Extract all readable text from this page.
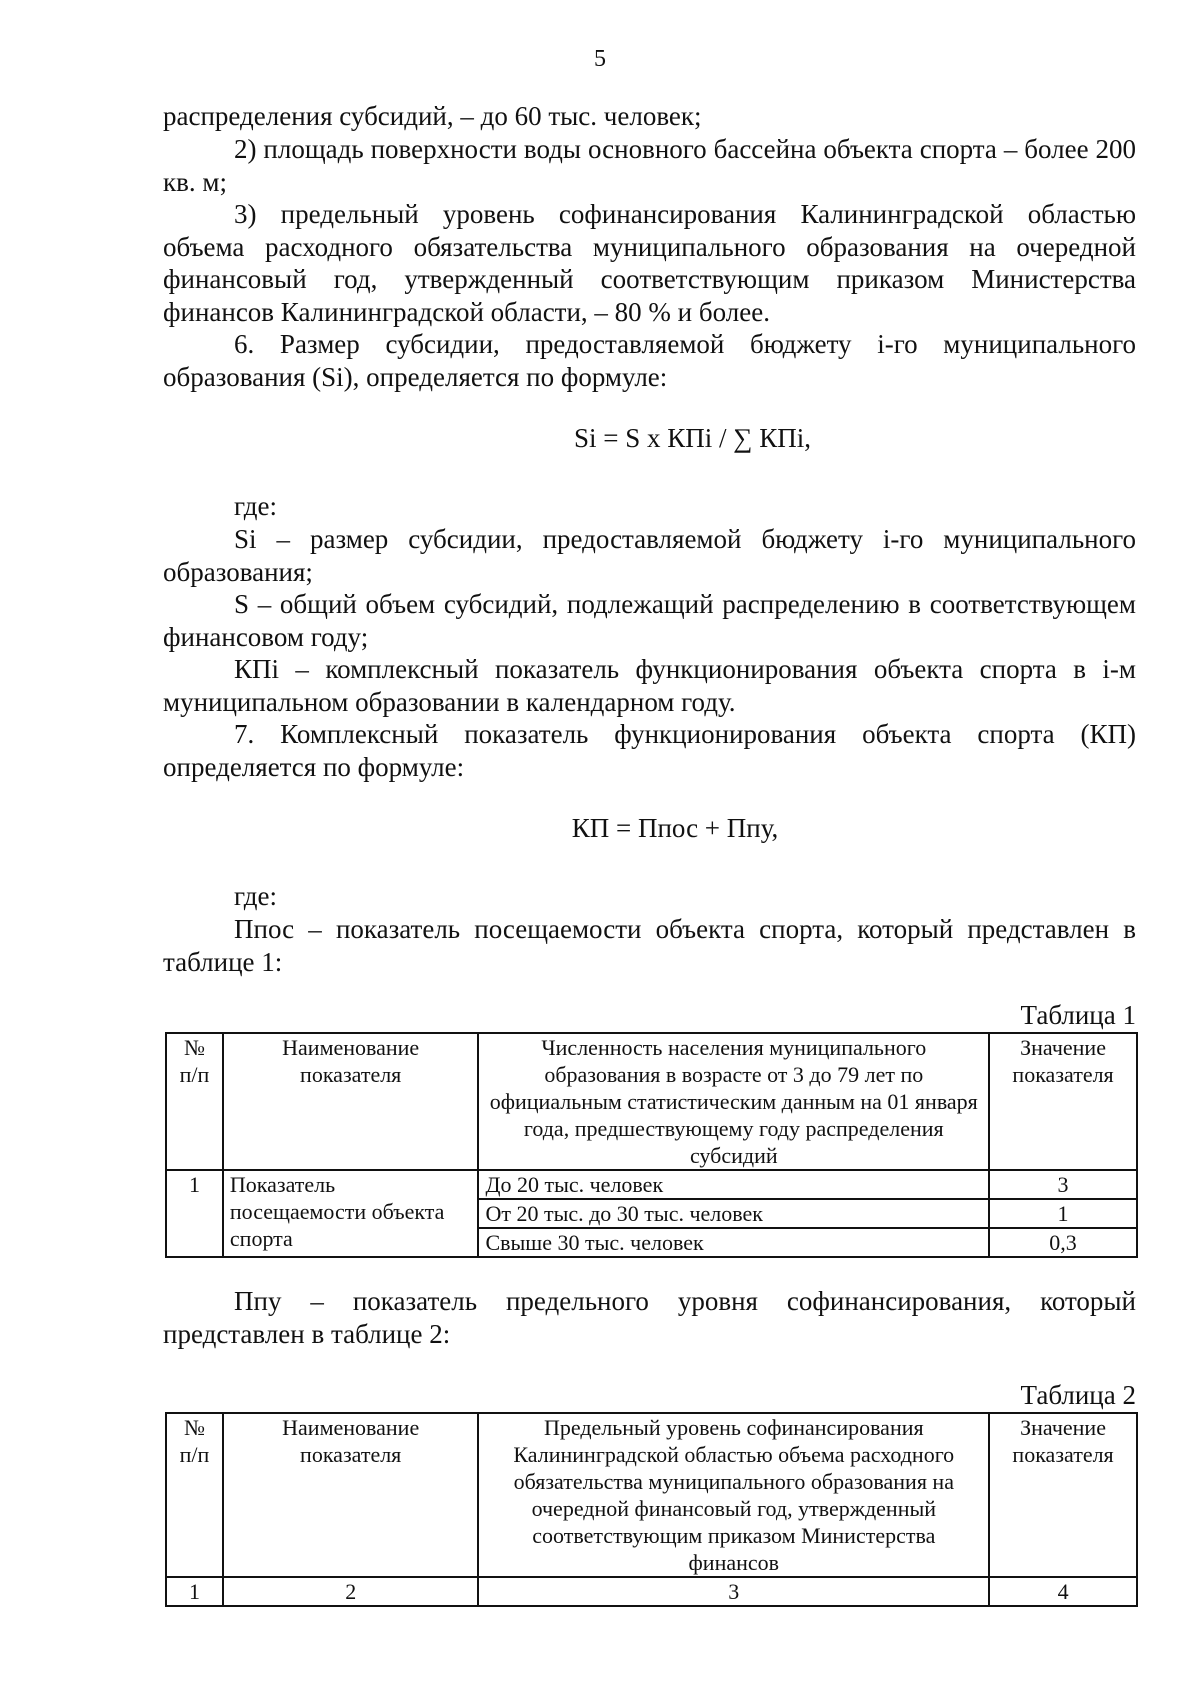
5

распределения субсидий, – до 60 тыс. человек;

2) площадь поверхности воды основного бассейна объекта спорта – более 200 кв. м;

3) предельный уровень софинансирования Калининградской областью объема расходного обязательства муниципального образования на очередной финансовый год, утвержденный соответствующим приказом Министерства финансов Калининградской области, – 80 % и более.

6. Размер субсидии, предоставляемой бюджету i-го муниципального образования (Si), определяется по формуле:

Si = S x КПi / ∑ КПi,

где:

Si – размер субсидии, предоставляемой бюджету i-го муниципального образования;

S – общий объем субсидий, подлежащий распределению в соответствующем финансовом году;

КПi – комплексный показатель функционирования объекта спорта в i-м муниципальном образовании в календарном году.

7. Комплексный показатель функционирования объекта спорта (КП) определяется по формуле:

КП = Ппос + Ппу,

где:

Ппос – показатель посещаемости объекта спорта, который представлен в таблице 1:

Таблица 1

№ п/п	Наименование показателя	Численность населения муниципального образования в возрасте от 3 до 79 лет по официальным статистическим данным на 01 января года, предшествующему году распределения субсидий	Значение показателя
1	Показатель посещаемости объекта спорта	До 20 тыс. человек	3
		От 20 тыс. до 30 тыс. человек	1
		Свыше 30 тыс. человек	0,3

Ппу – показатель предельного уровня софинансирования, который представлен в таблице 2:

Таблица 2

№ п/п	Наименование показателя	Предельный уровень софинансирования Калининградской областью объема расходного обязательства муниципального образования на очередной финансовый год, утвержденный соответствующим приказом Министерства финансов	Значение показателя
1	2	3	4
